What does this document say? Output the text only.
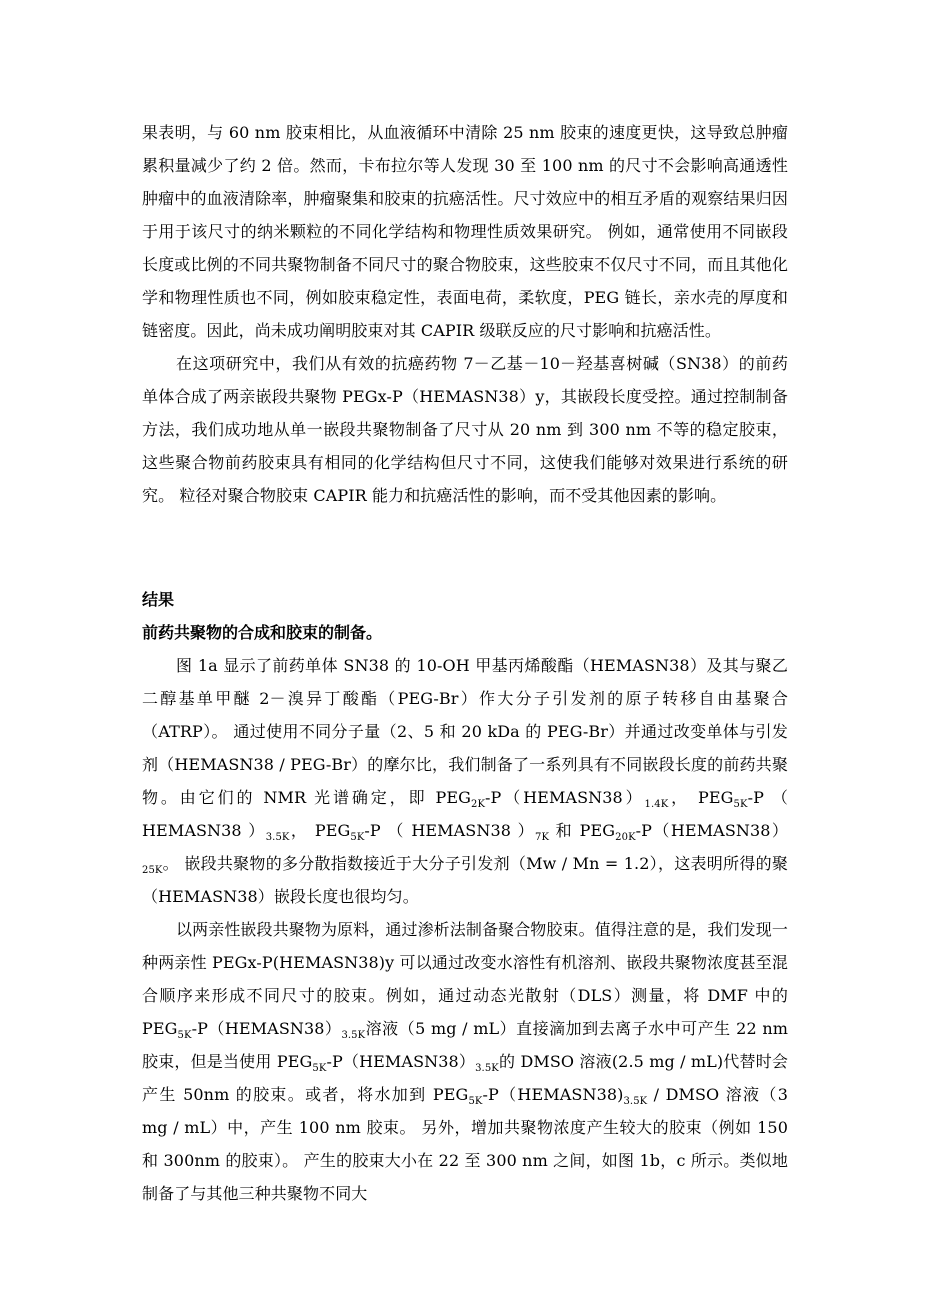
果表明，与 60 nm 胶束相比，从血液循环中清除 25 nm 胶束的速度更快，这导致总肿瘤累积量减少了约 2 倍。然而，卡布拉尔等人发现 30 至 100 nm 的尺寸不会影响高通透性肿瘤中的血液清除率，肿瘤聚集和胶束的抗癌活性。尺寸效应中的相互矛盾的观察结果归因于用于该尺寸的纳米颗粒的不同化学结构和物理性质效果研究。 例如，通常使用不同嵌段长度或比例的不同共聚物制备不同尺寸的聚合物胶束，这些胶束不仅尺寸不同，而且其他化学和物理性质也不同，例如胶束稳定性，表面电荷，柔软度，PEG 链长，亲水壳的厚度和链密度。因此，尚未成功阐明胶束对其 CAPIR 级联反应的尺寸影响和抗癌活性。

在这项研究中，我们从有效的抗癌药物 7－乙基－10－羟基喜树碱（SN38）的前药单体合成了两亲嵌段共聚物 PEGx-P（HEMASN38）y，其嵌段长度受控。通过控制制备方法，我们成功地从单一嵌段共聚物制备了尺寸从 20 nm 到 300 nm 不等的稳定胶束，这些聚合物前药胶束具有相同的化学结构但尺寸不同，这使我们能够对效果进行系统的研究。 粒径对聚合物胶束 CAPIR 能力和抗癌活性的影响，而不受其他因素的影响。

结果
前药共聚物的合成和胶束的制备。

图 1a 显示了前药单体 SN38 的 10-OH 甲基丙烯酸酯（HEMASN38）及其与聚乙二醇基单甲醚 2－溴异丁酸酯（PEG-Br）作大分子引发剂的原子转移自由基聚合（ATRP）。 通过使用不同分子量（2、5 和 20 kDa 的 PEG-Br）并通过改变单体与引发剂（HEMASN38 / PEG-Br）的摩尔比，我们制备了一系列具有不同嵌段长度的前药共聚物。由它们的 NMR 光谱确定，即 $PEG_{2K}-P(HEMASN38)_{1.4K}$， $PEG_{5K}-P$ （ HEMASN38 ）$_{3.5K}$， $PEG_{5K}-P$ （ HEMASN38 ）$_{7K}$ 和 $PEG_{20K}-P(HEMASN38)_{25K}$。 嵌段共聚物的多分散指数接近于大分子引发剂（Mw / Mn = 1.2），这表明所得的聚（HEMASN38）嵌段长度也很均匀。

以两亲性嵌段共聚物为原料，通过渗析法制备聚合物胶束。值得注意的是，我们发现一种两亲性 PEGx-P(HEMASN38)y 可以通过改变水溶性有机溶剂、嵌段共聚物浓度甚至混合顺序来形成不同尺寸的胶束。例如，通过动态光散射（DLS）测量，将 DMF 中的 $PEG_{5K}-P(HEMASN38)_{3.5K}$溶液（5 mg / mL）直接滴加到去离子水中可产生 22 nm 胶束，但是当使用 $PEG_{5K}-P(HEMASN38)_{3.5K}$的 DMSO 溶液(2.5 mg / mL)代替时会产生 50nm 的胶束。或者，将水加到 $PEG_{5K}-P(HEMASN38)_{3.5K}$ / DMSO 溶液（3 mg / mL）中，产生 100 nm 胶束。 另外，增加共聚物浓度产生较大的胶束（例如 150 和 300nm 的胶束）。 产生的胶束大小在 22 至 300 nm 之间，如图 1b，c 所示。类似地制备了与其他三种共聚物不同大
